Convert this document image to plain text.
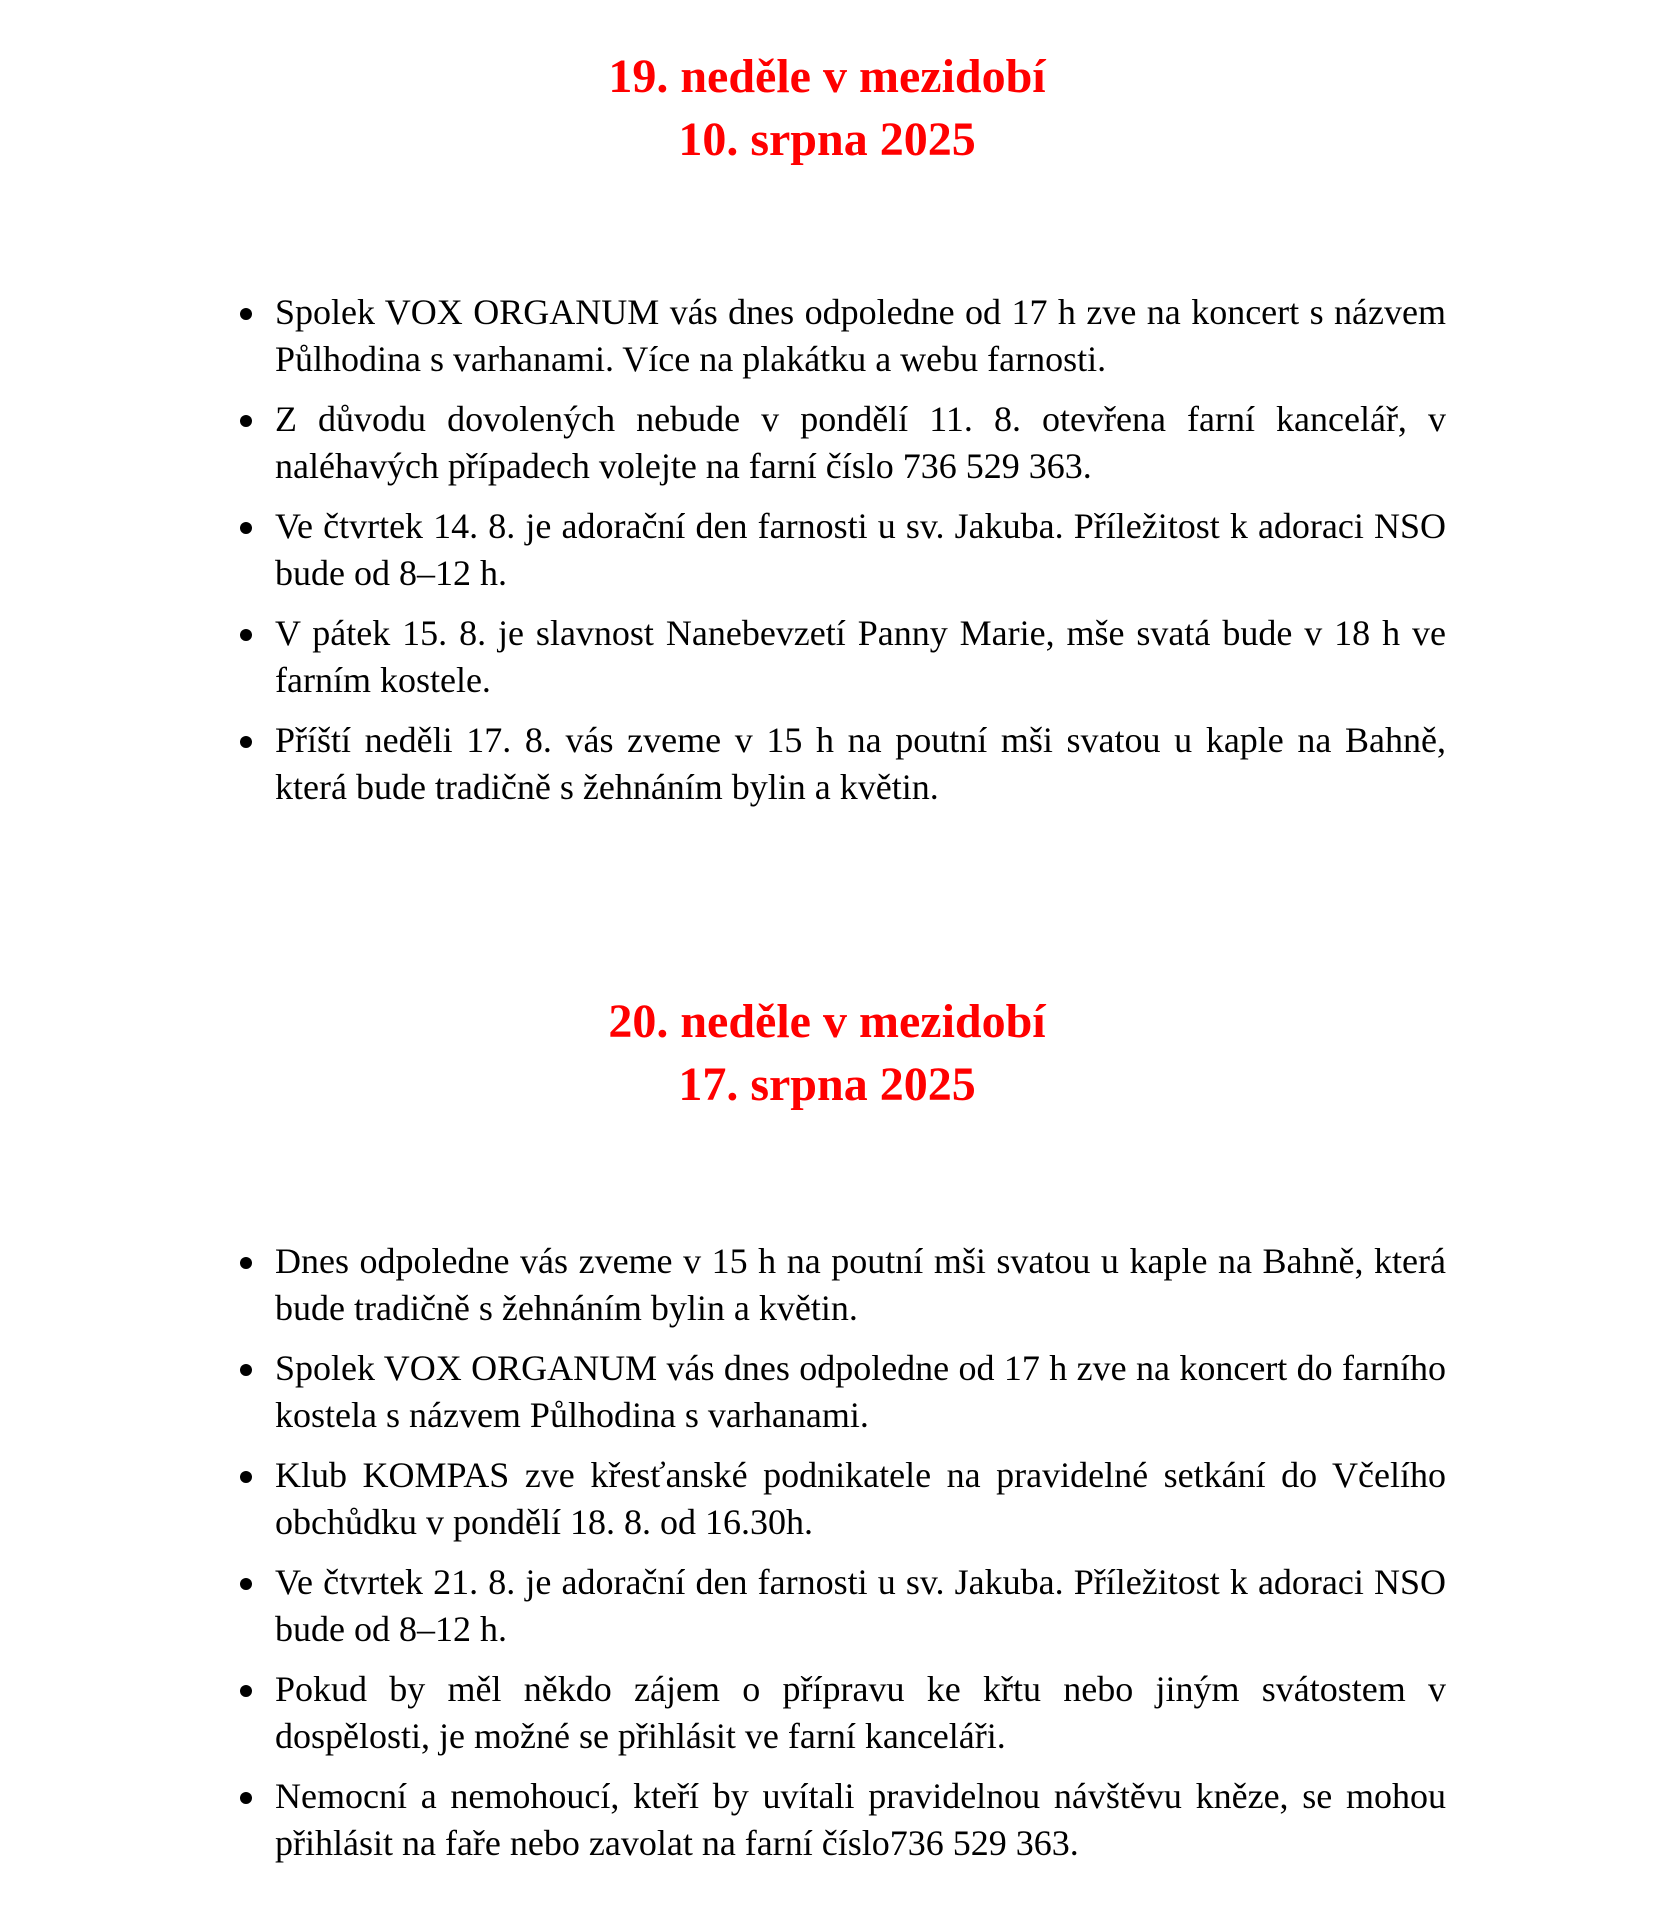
19. neděle v mezidobí
10. srpna 2025
Spolek VOX ORGANUM vás dnes odpoledne od 17 h zve na koncert s názvem Půlhodina s varhanami. Více na plakátku a webu farnosti.
Z důvodu dovolených nebude v pondělí 11. 8. otevřena farní kancelář, v naléhavých případech volejte na farní číslo 736 529 363.
Ve čtvrtek 14. 8. je adorační den farnosti u sv. Jakuba. Příležitost k adoraci NSO bude od 8–12 h.
V pátek 15. 8. je slavnost Nanebevzetí Panny Marie, mše svatá bude v 18 h ve farním kostele.
Příští neděli 17. 8. vás zveme v 15 h na poutní mši svatou u kaple na Bahně, která bude tradičně s žehnáním bylin a květin.
20. neděle v mezidobí
17. srpna 2025
Dnes odpoledne vás zveme v 15 h na poutní mši svatou u kaple na Bahně, která bude tradičně s žehnáním bylin a květin.
Spolek VOX ORGANUM vás dnes odpoledne od 17 h zve na koncert do farního kostela s názvem Půlhodina s varhanami.
Klub KOMPAS zve křesťanské podnikatele na pravidelné setkání do Včelího obchůdku v pondělí 18. 8. od 16.30h.
Ve čtvrtek 21. 8. je adorační den farnosti u sv. Jakuba. Příležitost k adoraci NSO bude od 8–12 h.
Pokud by měl někdo zájem o přípravu ke křtu nebo jiným svátostem v dospělosti, je možné se přihlásit ve farní kanceláři.
Nemocní a nemohoucí, kteří by uvítali pravidelnou návštěvu kněze, se mohou přihlásit na faře nebo zavolat na farní číslo736 529 363.
